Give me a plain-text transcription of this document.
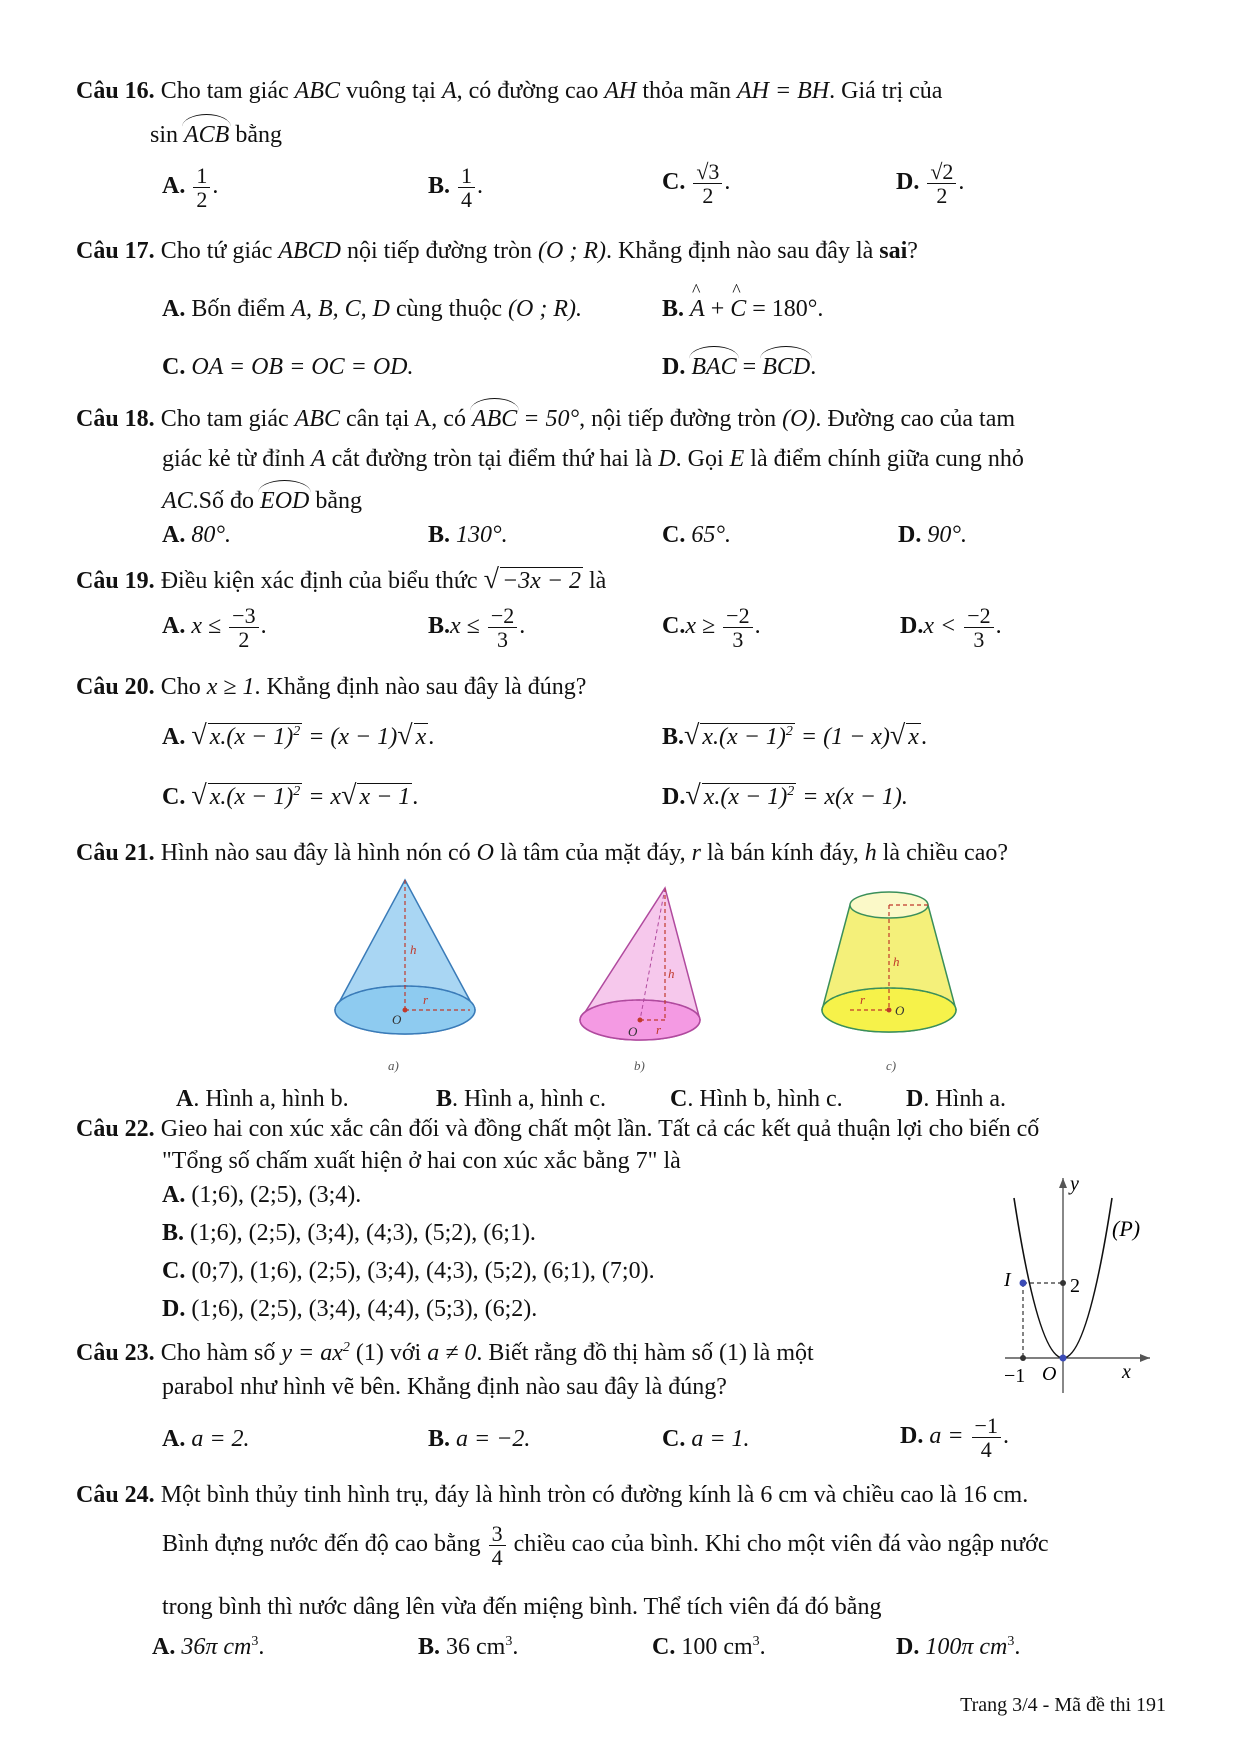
Câu 16. Cho tam giác ABC vuông tại A, có đường cao AH thỏa mãn AH = BH. Giá trị của
sin ACB bằng
A. $\frac{1}{2}$ .	B. $\frac{1}{4}$ .	C. $\frac{√3}{2}$ .	D. $\frac{√2}{2}$ .
Câu 17. Cho tứ giác ABCD nội tiếp đường tròn (O ; R). Khẳng định nào sau đây là sai?
A. Bốn điểm A, B, C, D cùng thuộc (O ; R).	B. ^ A + ^ C = 180°.
C. OA = OB = OC = OD.	D. BAC = BCD.
Câu 18. Cho tam giác ABC cân tại A, có ABC = 50°, nội tiếp đường tròn (O). Đường cao của tam
giác kẻ từ đỉnh A cắt đường tròn tại điểm thứ hai là D. Gọi E là điểm chính giữa cung nhỏ
AC.Số đo EOD bằng
A. 80°.	B. 130°.	C. 65°.	D. 90°.
Câu 19. Điều kiện xác định của biểu thức √ −3x − 2 là
A. $x \le \frac{-3}{2}$ .	$B.x \le \frac{-2}{3}$ .	$C.x \ge \frac{-2}{3}$ .	$D.x < \frac{-2}{3}$ .
Câu 20. Cho x ≥ 1. Khẳng định nào sau đây là đúng?
A. √ $x.(x - 1)^2 = (x - 1)√$ x.	B.√ $x.(x - 1)^2 = (1 - x)√$ x.
C. √ $x.(x - 1)^2 = x√$ x − 1.	D.√ $x.(x - 1)^2 = x(x - 1)$.
Câu 21. Hình nào sau đây là hình nón có O là tâm của mặt đáy, r là bán kính đáy, h là chiều cao?
h
r
O
a)
h
r
O
b)
h
r
O
c)
A. Hình a, hình b.	B. Hình a, hình c.	C. Hình b, hình c.	D. Hình a.
Câu 22. Gieo hai con xúc xắc cân đối và đồng chất một lần. Tất cả các kết quả thuận lợi cho biến cố
"Tổng số chấm xuất hiện ở hai con xúc xắc bằng 7" là
A. (1;6), (2;5), (3;4).
B. (1;6), (2;5), (3;4), (4;3), (5;2), (6;1).
C. (0;7), (1;6), (2;5), (3;4), (4;3), (5;2), (6;1), (7;0).
D. (1;6), (2;5), (3;4), (4;4), (5;3), (6;2).
Câu 23. Cho hàm số $y = ax^2$ (1) với a ≠ 0. Biết rằng đồ thị hàm số (1) là một
parabol như hình vẽ bên. Khẳng định nào sau đây là đúng?
y
x
(P)
I	2
−1 O
A. a = 2.	B. a = −2.	C. a = 1.	D. $a = \frac{-1}{4}$ .
Câu 24. Một bình thủy tinh hình trụ, đáy là hình tròn có đường kính là 6 cm và chiều cao là 16 cm.
Bình đựng nước đến độ cao bằng $\frac{3}{4}$ chiều cao của bình. Khi cho một viên đá vào ngập nước
trong bình thì nước dâng lên vừa đến miệng bình. Thể tích viên đá đó bằng
A. 36π $cm^3$.	B. 36 $cm^3$.	C. 100 $cm^3$.	D. 100π $cm^3$.
Trang 3/4 - Mã đề thi 191
